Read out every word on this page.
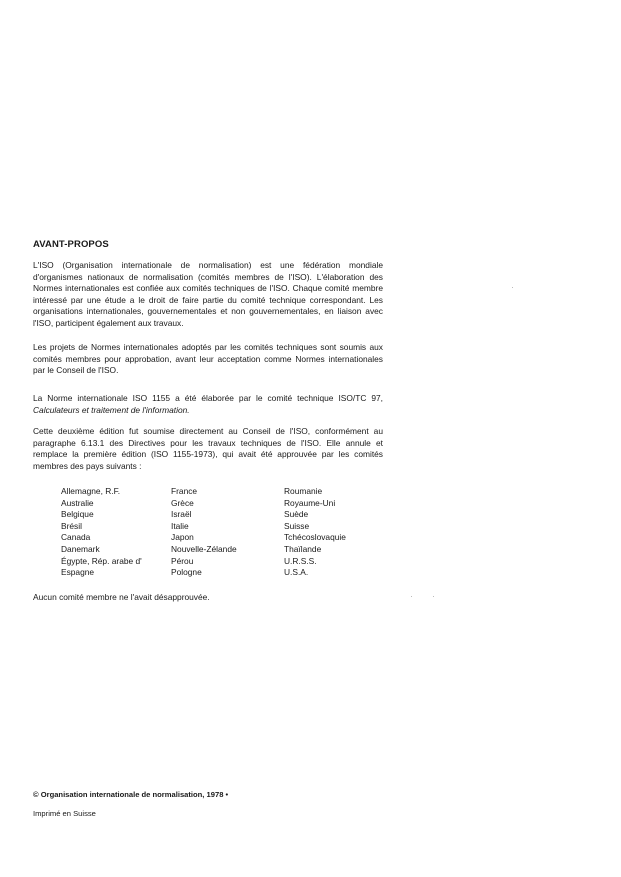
AVANT-PROPOS

L'ISO (Organisation internationale de normalisation) est une fédération mondiale d'organismes nationaux de normalisation (comités membres de l'ISO). L'élaboration des Normes internationales est confiée aux comités techniques de l'ISO. Chaque comité membre intéressé par une étude a le droit de faire partie du comité technique correspondant. Les organisations internationales, gouvernementales et non gouvernementales, en liaison avec l'ISO, participent également aux travaux.

Les projets de Normes internationales adoptés par les comités techniques sont soumis aux comités membres pour approbation, avant leur acceptation comme Normes internationales par le Conseil de l'ISO.

La Norme internationale ISO 1155 a été élaborée par le comité technique ISO/TC 97, Calculateurs et traitement de l'information.

Cette deuxième édition fut soumise directement au Conseil de l'ISO, conformément au paragraphe 6.13.1 des Directives pour les travaux techniques de l'ISO. Elle annule et remplace la première édition (ISO 1155-1973), qui avait été approuvée par les comités membres des pays suivants :

Allemagne, R.F.
Australie
Belgique
Brésil
Canada
Danemark
Égypte, Rép. arabe d'
Espagne
France
Grèce
Israël
Italie
Japon
Nouvelle-Zélande
Pérou
Pologne
Roumanie
Royaume-Uni
Suède
Suisse
Tchécoslovaquie
Thaïlande
U.R.S.S.
U.S.A.
Aucun comité membre ne l'avait désapprouvée.
© Organisation internationale de normalisation, 1978 •
Imprimé en Suisse
